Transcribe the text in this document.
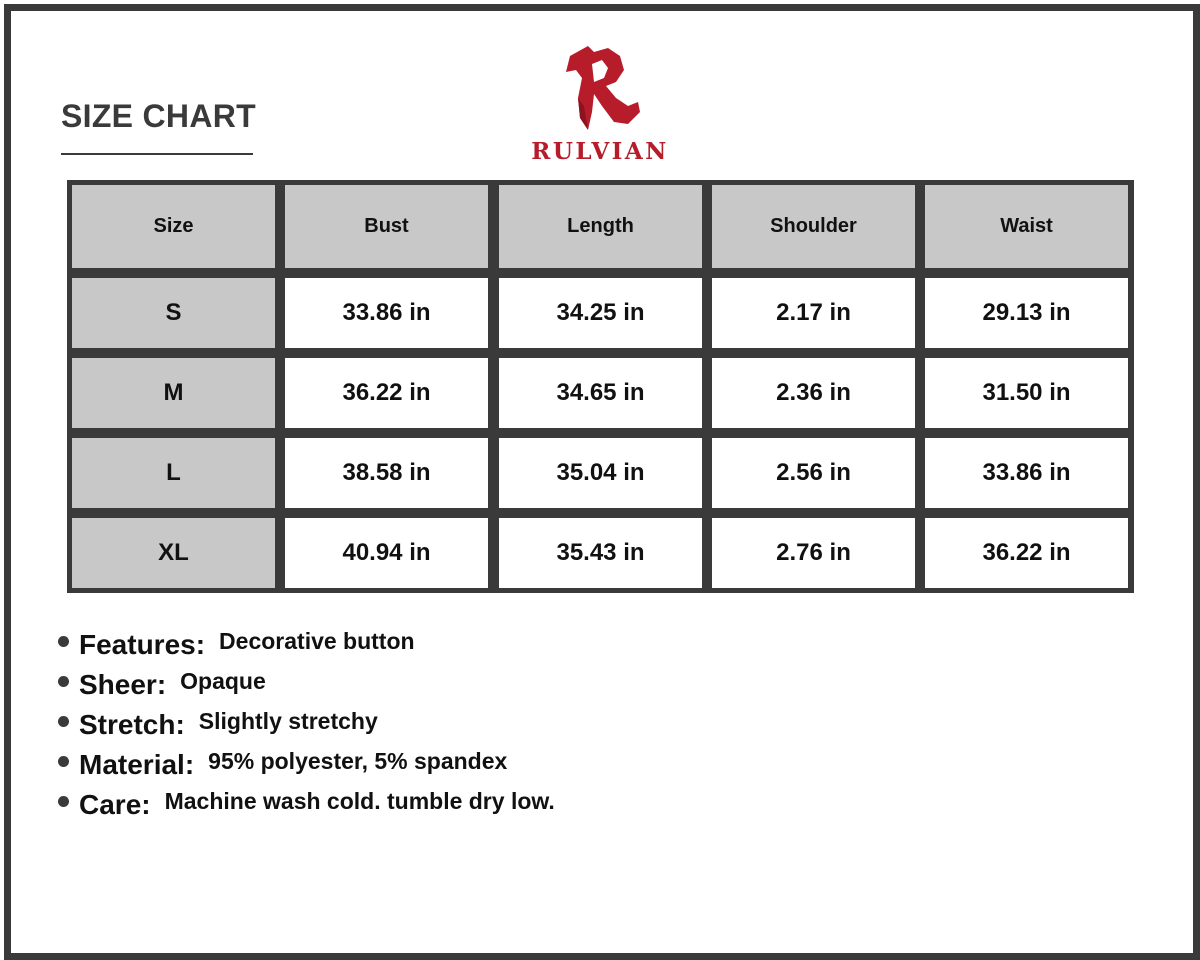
SIZE CHART
RULVIAN
Size	Bust	Length	Shoulder	Waist
S	33.86 in	34.25 in	2.17 in	29.13 in
M	36.22 in	34.65 in	2.36 in	31.50 in
L	38.58 in	35.04 in	2.56 in	33.86 in
XL	40.94 in	35.43 in	2.76 in	36.22 in
Features: Decorative button
Sheer: Opaque
Stretch: Slightly stretchy
Material: 95% polyester, 5% spandex
Care: Machine wash cold. tumble dry low.
